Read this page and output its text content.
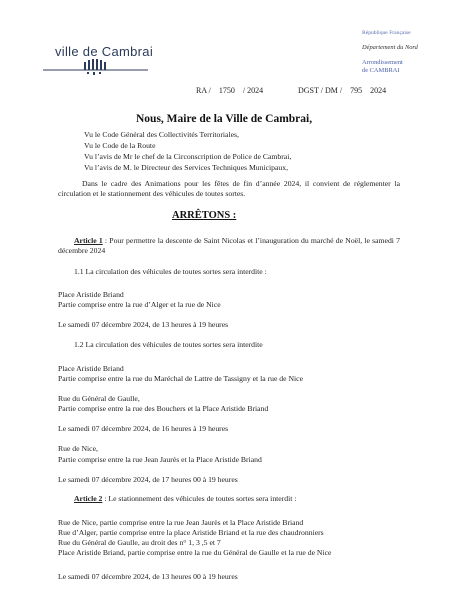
ville de Cambrai
République Française
Département du Nord
Arrondissement
de CAMBRAI
RA /    1750    / 2024	DGST / DM /    795    2024
Nous, Maire de la Ville de Cambrai,
Vu le Code Général des Collectivités Territoriales,
Vu le Code de la Route
Vu l’avis de Mr le chef de la Circonscription de Police de Cambrai,
Vu l’avis de M. le Directeur des Services Techniques Municipaux,
Dans le cadre des Animations pour les fêtes de fin d’année 2024, il convient de réglementer la circulation et le stationnement des véhicules de toutes sortes.
ARRÊTONS :
Article 1 : Pour permettre la descente de Saint Nicolas et l’inauguration du marché de Noël, le samedi 7 décembre 2024
1.1 La circulation des véhicules de toutes sortes sera interdite :
Place Aristide Briand
Partie comprise entre la rue d’Alger et la rue de Nice
Le samedi 07 décembre 2024, de 13 heures à 19 heures
1.2 La circulation des véhicules de toutes sortes sera interdite
Place Aristide Briand
Partie comprise entre la rue du Maréchal de Lattre de Tassigny et la rue de Nice
Rue du Général de Gaulle,
Partie comprise entre la rue des Bouchers et la Place Aristide Briand
Le samedi 07 décembre 2024, de 16 heures à 19 heures
Rue de Nice,
Partie comprise entre la rue Jean Jaurès et la Place Aristide Briand
Le samedi 07 décembre 2024, de 17 heures 00 à 19 heures
Article 2 : Le stationnement des véhicules de toutes sortes sera interdit :
Rue de Nice, partie comprise entre la rue Jean Jaurès et la Place Aristide Briand
Rue d’Alger, partie comprise entre la place Aristide Briand et la rue des chaudronniers
Rue du Général de Gaulle, au droit des n° 1, 3 ,5 et 7
Place Aristide Briand, partie comprise entre la rue du Général de Gaulle et la rue de Nice
Le samedi 07 décembre 2024, de 13 heures 00 à 19 heures
